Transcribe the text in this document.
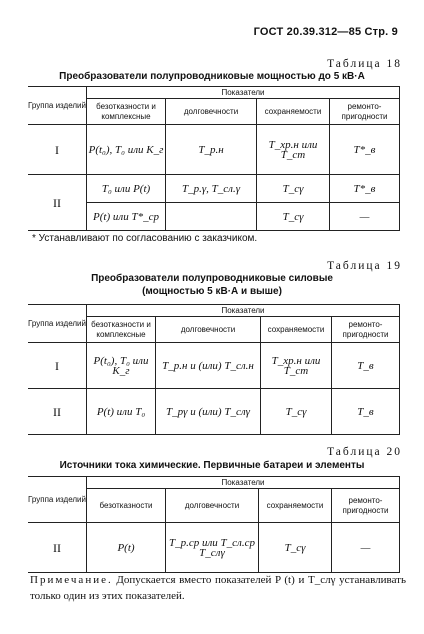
ГОСТ 20.39.312—85 Стр. 9
Таблица 18
Преобразователи полупроводниковые мощностью до 5 кВ·А
Группа изделий	Показатели			
	безотказности и комплексные	долговечности	сохраняемости	ремонто-пригодности
I	P(t₀), T₀ или K_г	T_р.н	T_хр.н или T_ст	T*_в
II	T₀ или P(t)	T_р.γ, T_сл.γ	T_сγ	T*_в
	P(t) или T*_ср		T_сγ	—
* Устанавливают по согласованию с заказчиком.
Таблица 19
Преобразователи полупроводниковые силовые
(мощностью 5 кВ·А и выше)
Группа изделий	Показатели			
	безотказности и комплексные	долговечности	сохраняемости	ремонто-пригодности
I	P(t₀), T₀ или K_г	T_р.н и (или) T_сл.н	T_хр.н или T_ст	T_в
II	P(t) или T₀	T_рγ и (или) T_слγ	T_сγ	T_в
Таблица 20
Источники тока химические. Первичные батареи и элементы
Группа изделий	Показатели			
	безотказности	долговечности	сохраняемости	ремонто-пригодности
II	P(t)	T_р.ср или T_сл.ср T_слγ	T_сγ	—
Примечание. Допускается вместо показателей P (t) и T_слγ устанавливать только один из этих показателей.
